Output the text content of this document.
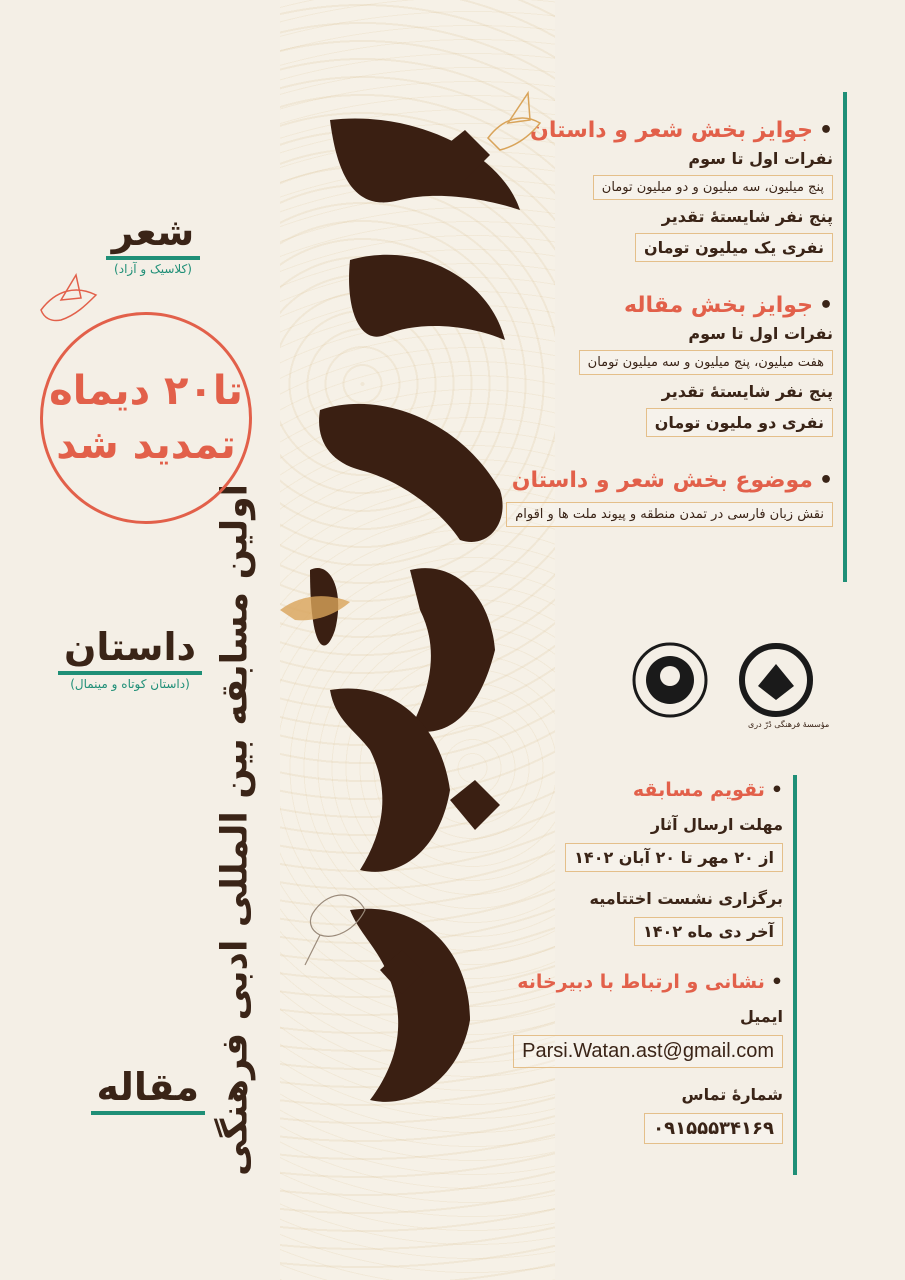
اولین مسابقه بین المللی ادبی فرهنگی
شعر
(کلاسیک و آزاد)
تا۲۰ دیماه
تمدید شد
داستان
(داستان کوتاه و مینمال)
مقاله
• جوایز بخش شعر و داستان
نفرات اول تا سوم
پنج میلیون، سه میلیون و دو میلیون تومان
پنج نفر شایستهٔ تقدیر
نفری یک میلیون تومان
• جوایز بخش مقاله
نفرات اول تا سوم
هفت میلیون، پنج میلیون و سه میلیون تومان
پنج نفر شایستهٔ تقدیر
نفری دو ملیون تومان
• موضوع بخش شعر و داستان
نقش زبان فارسی در تمدن منطقه و پیوند ملت ها و اقوام
مؤسسهٔ فرهنگی دُرّ دری
• تقویم مسابقه
مهلت ارسال آثار
از ۲۰ مهر تا ۲۰ آبان ۱۴۰۲
برگزاری نشست اختتامیه
آخر دی ماه ۱۴۰۲
• نشانی و ارتباط با دبیرخانه
ایمیل
Parsi.Watan.ast@gmail.com
شمارهٔ تماس
۰۹۱۵۵۵۳۴۱۶۹
